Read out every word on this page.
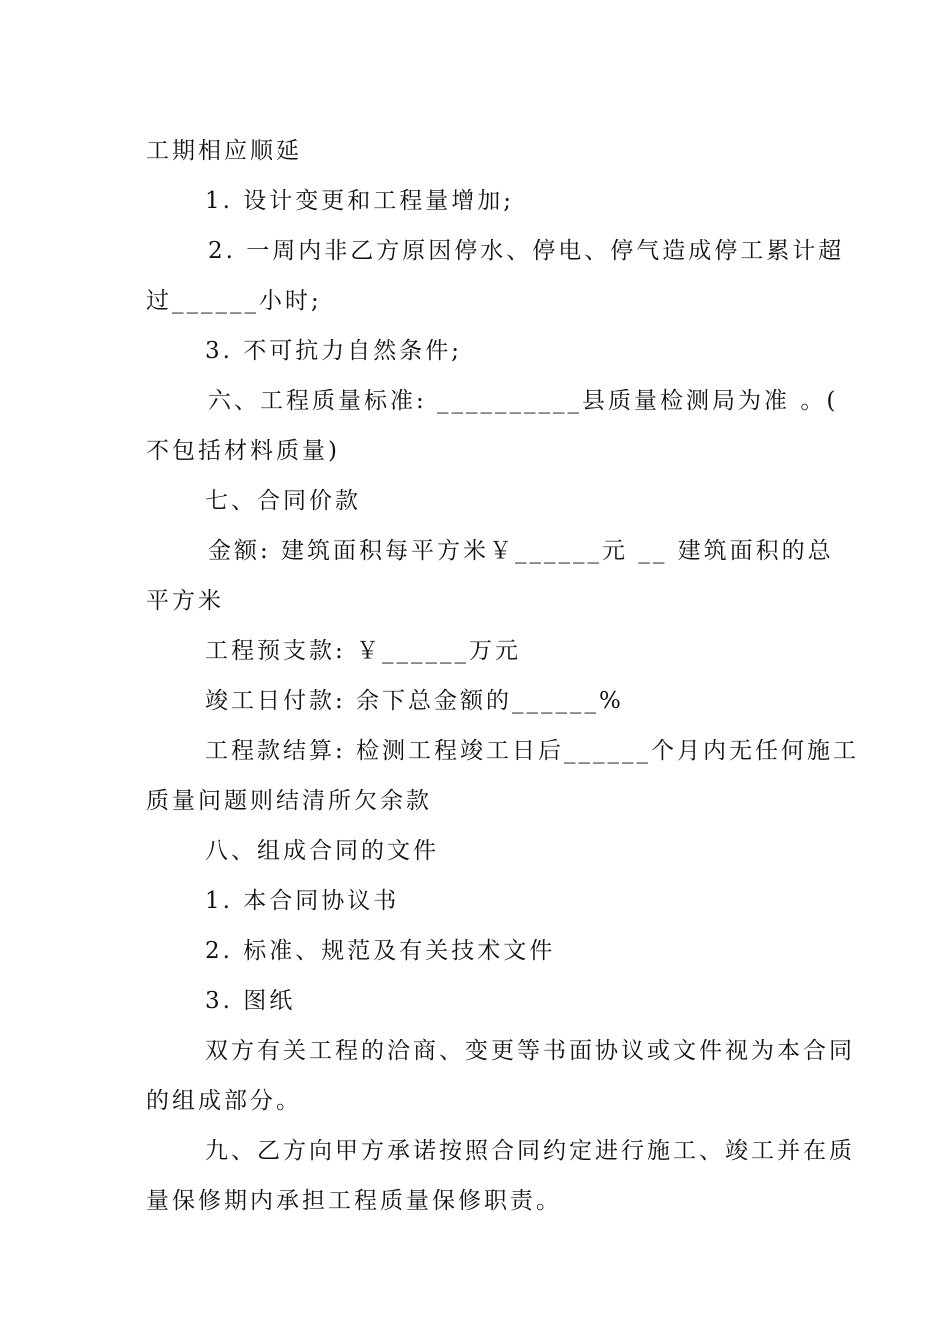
工期相应顺延
1. 设计变更和工程量增加;
2. 一周内非乙方原因停水、停电、停气造成停工累计超
过______小时;
3. 不可抗力自然条件;
六、工程质量标准: __________县质量检测局为准 。(
不包括材料质量)
七、合同价款
金额: 建筑面积每平方米￥______元 __ 建筑面积的总
平方米
工程预支款: ￥______万元
竣工日付款: 余下总金额的______%
工程款结算: 检测工程竣工日后______个月内无任何施工
质量问题则结清所欠余款
八、组成合同的文件
1. 本合同协议书
2. 标准、规范及有关技术文件
3. 图纸
双方有关工程的洽商、变更等书面协议或文件视为本合同
的组成部分。
九、乙方向甲方承诺按照合同约定进行施工、竣工并在质
量保修期内承担工程质量保修职责。
